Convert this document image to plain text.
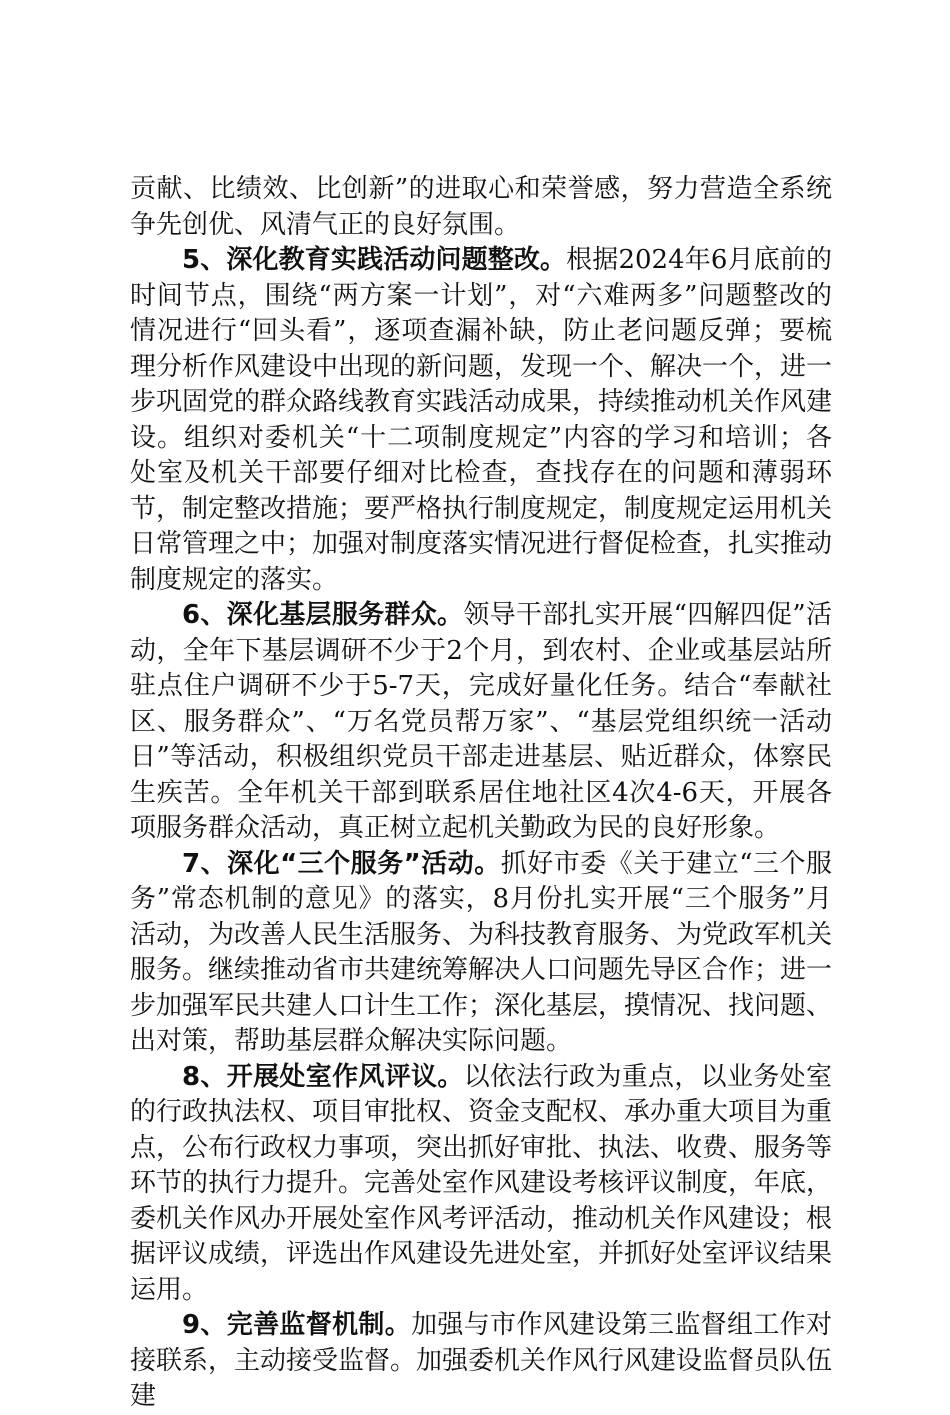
贡献、比绩效、比创新”的进取心和荣誉感，努力营造全系统争先创优、风清气正的良好氛围。

5、深化教育实践活动问题整改。根据2024年6月底前的时间节点，围绕“两方案一计划”，对“六难两多”问题整改的情况进行“回头看”，逐项查漏补缺，防止老问题反弹；要梳理分析作风建设中出现的新问题，发现一个、解决一个，进一步巩固党的群众路线教育实践活动成果，持续推动机关作风建设。组织对委机关“十二项制度规定”内容的学习和培训；各处室及机关干部要仔细对比检查，查找存在的问题和薄弱环节，制定整改措施；要严格执行制度规定，制度规定运用机关日常管理之中；加强对制度落实情况进行督促检查，扎实推动制度规定的落实。

6、深化基层服务群众。领导干部扎实开展“四解四促”活动，全年下基层调研不少于2个月，到农村、企业或基层站所驻点住户调研不少于5-7天，完成好量化任务。结合“奉献社区、服务群众”、“万名党员帮万家”、“基层党组织统一活动日”等活动，积极组织党员干部走进基层、贴近群众，体察民生疾苦。全年机关干部到联系居住地社区4次4-6天，开展各项服务群众活动，真正树立起机关勤政为民的良好形象。

7、深化“三个服务”活动。抓好市委《关于建立“三个服务”常态机制的意见》的落实，8月份扎实开展“三个服务”月活动，为改善人民生活服务、为科技教育服务、为党政军机关服务。继续推动省市共建统筹解决人口问题先导区合作；进一步加强军民共建人口计生工作；深化基层，摸情况、找问题、出对策，帮助基层群众解决实际问题。

8、开展处室作风评议。以依法行政为重点，以业务处室的行政执法权、项目审批权、资金支配权、承办重大项目为重点，公布行政权力事项，突出抓好审批、执法、收费、服务等环节的执行力提升。完善处室作风建设考核评议制度，年底，委机关作风办开展处室作风考评活动，推动机关作风建设；根据评议成绩，评选出作风建设先进处室，并抓好处室评议结果运用。

9、完善监督机制。加强与市作风建设第三监督组工作对接联系，主动接受监督。加强委机关作风行风建设监督员队伍建
